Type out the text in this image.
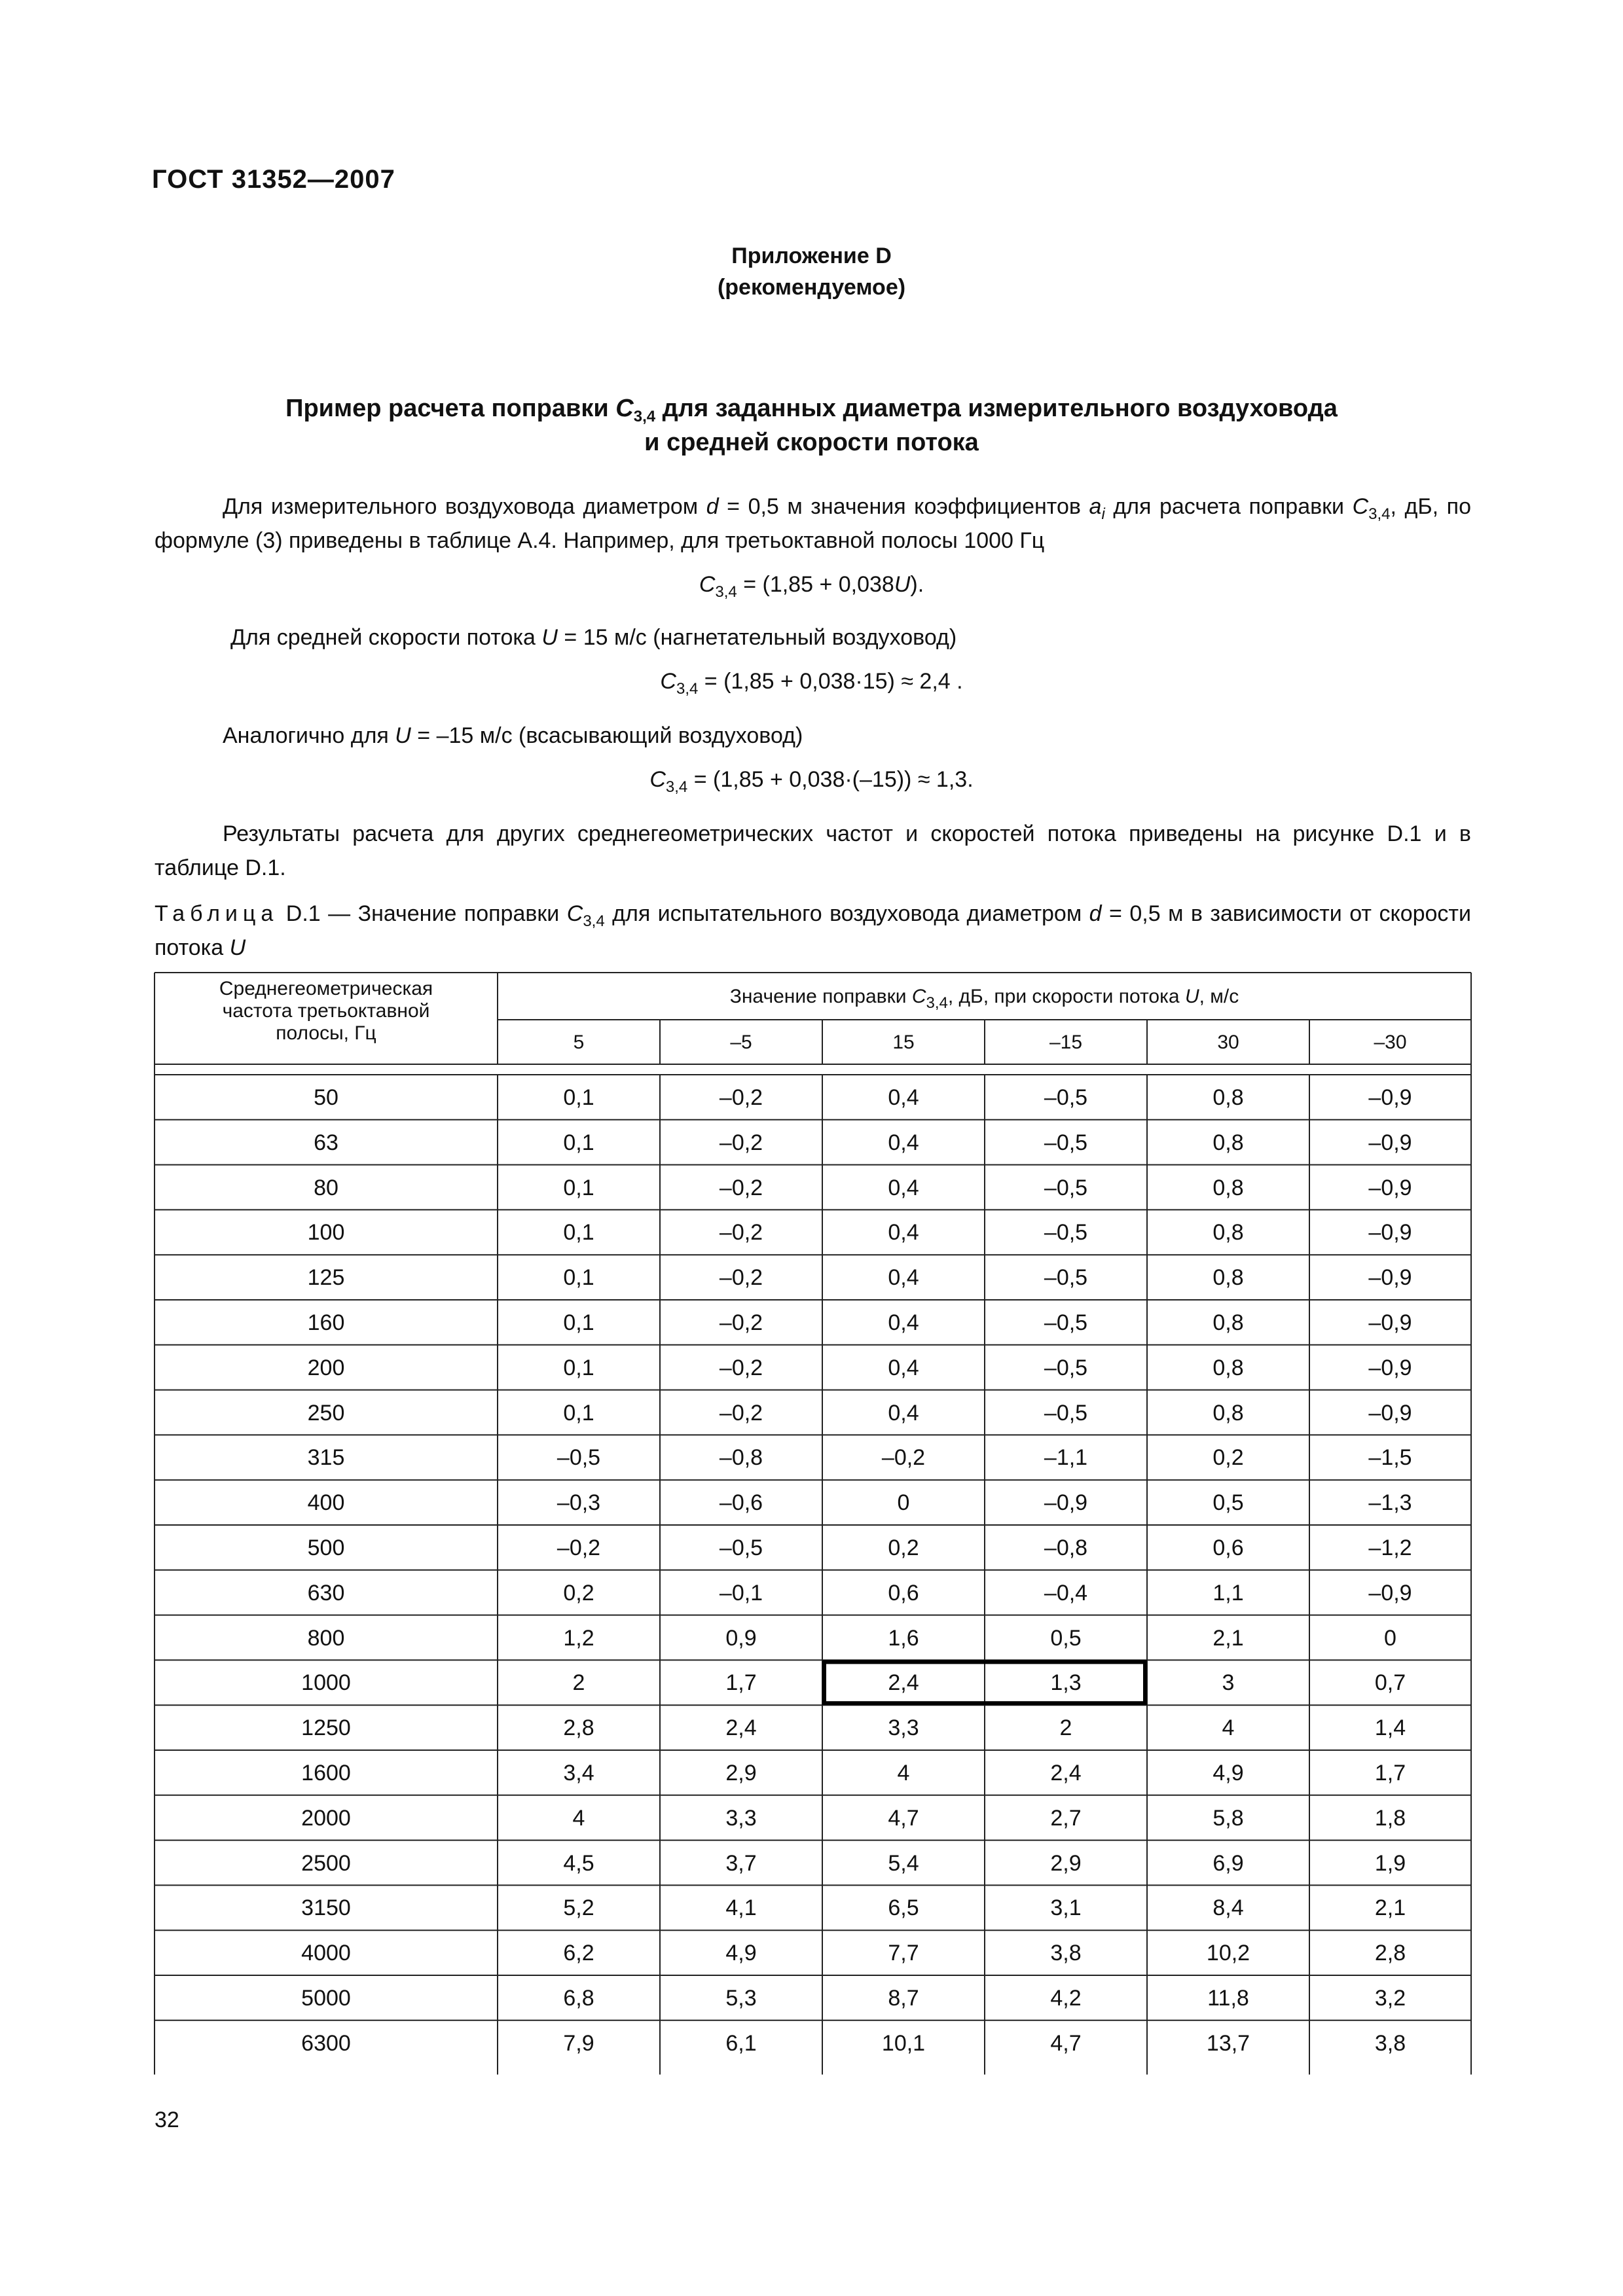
ГОСТ 31352—2007
Приложение D
(рекомендуемое)
Пример расчета поправки $C_{3,4}$ для заданных диаметра измерительного воздуховода
и средней скорости потока
Для измерительного воздуховода диаметром d = 0,5 м значения коэффициентов $a_i$ для расчета поправки $C_{3,4}$, дБ, по формуле (3) приведены в таблице А.4. Например, для третьоктавной полосы 1000 Гц
$C_{3,4} = (1,85 + 0,038U)$.
Для средней скорости потока U = 15 м/с (нагнетательный воздуховод)
$C_{3,4} = (1,85 + 0,038\cdot 15) \approx 2,4$ .
Аналогично для U = –15 м/с (всасывающий воздуховод)
$C_{3,4} = (1,85 + 0,038\cdot(-15)) \approx 1,3$.
Результаты расчета для других среднегеометрических частот и скоростей потока приведены на рисунке D.1 и в таблице D.1.
Таблица D.1 — Значение поправки $C_{3,4}$ для испытательного воздуховода диаметром d = 0,5 м в зависимости от скорости потока U
Среднегеометрическая
частота третьоктавной
полосы, Гц
Значение поправки $C_{3,4}$, дБ, при скорости потока U, м/с
5	–5	15	–15	30	–30
50	0,1	–0,2	0,4	–0,5	0,8	–0,9
63	0,1	–0,2	0,4	–0,5	0,8	–0,9
80	0,1	–0,2	0,4	–0,5	0,8	–0,9
100	0,1	–0,2	0,4	–0,5	0,8	–0,9
125	0,1	–0,2	0,4	–0,5	0,8	–0,9
160	0,1	–0,2	0,4	–0,5	0,8	–0,9
200	0,1	–0,2	0,4	–0,5	0,8	–0,9
250	0,1	–0,2	0,4	–0,5	0,8	–0,9
315	–0,5	–0,8	–0,2	–1,1	0,2	–1,5
400	–0,3	–0,6	0	–0,9	0,5	–1,3
500	–0,2	–0,5	0,2	–0,8	0,6	–1,2
630	0,2	–0,1	0,6	–0,4	1,1	–0,9
800	1,2	0,9	1,6	0,5	2,1	0
1000	2	1,7	2,4	1,3	3	0,7
1250	2,8	2,4	3,3	2	4	1,4
1600	3,4	2,9	4	2,4	4,9	1,7
2000	4	3,3	4,7	2,7	5,8	1,8
2500	4,5	3,7	5,4	2,9	6,9	1,9
3150	5,2	4,1	6,5	3,1	8,4	2,1
4000	6,2	4,9	7,7	3,8	10,2	2,8
5000	6,8	5,3	8,7	4,2	11,8	3,2
6300	7,9	6,1	10,1	4,7	13,7	3,8
32
